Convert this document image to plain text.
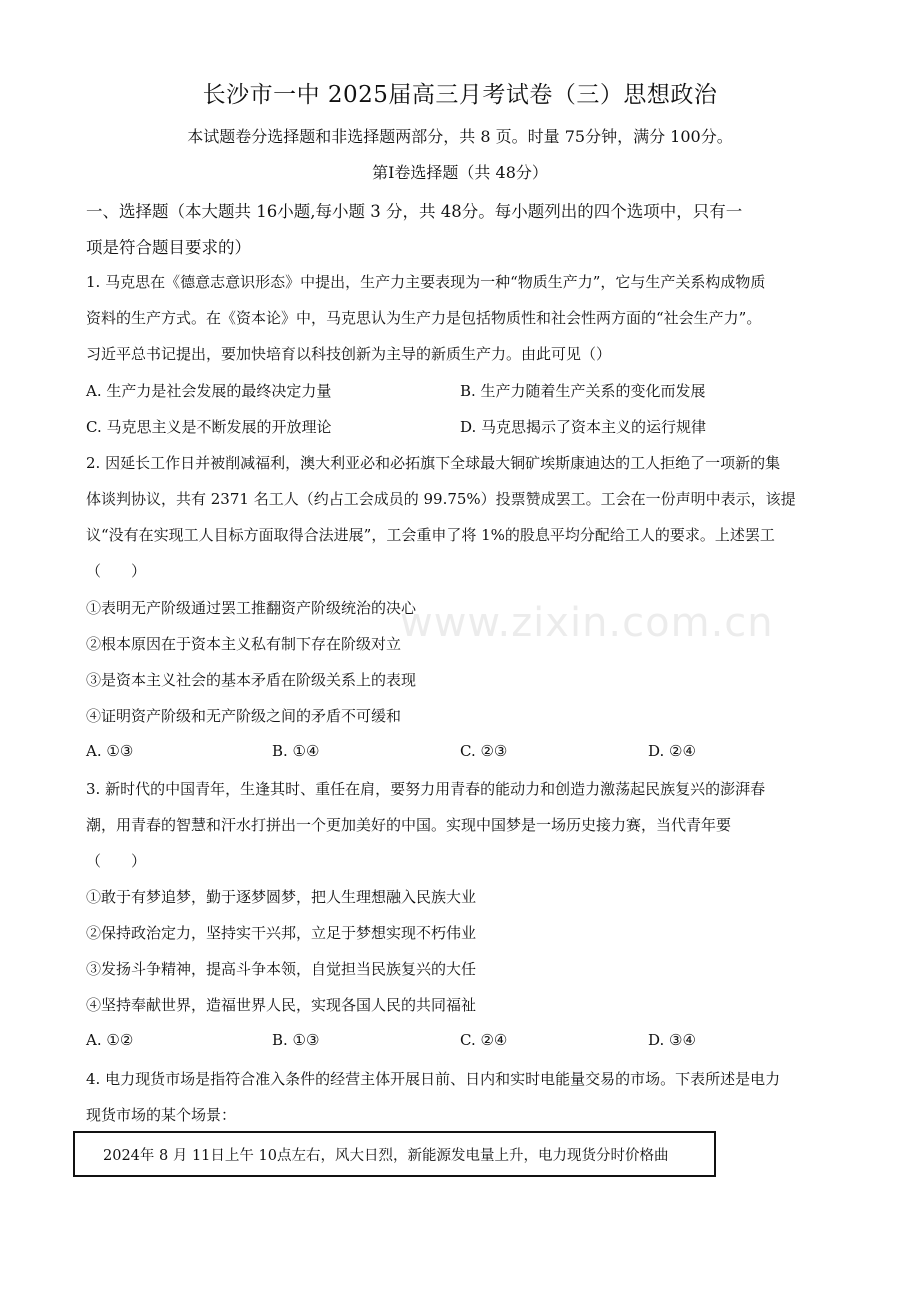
www.zixin.com.cn
长沙市一中 2025届高三月考试卷（三）思想政治
本试题卷分选择题和非选择题两部分，共 8 页。时量 75分钟，满分 100分。
第Ⅰ卷选择题（共 48分）
一、选择题（本大题共 16小题,每小题 3 分，共 48分。每小题列出的四个选项中，只有一
项是符合题目要求的）
1. 马克思在《德意志意识形态》中提出，生产力主要表现为一种“物质生产力”，它与生产关系构成物质
资料的生产方式。在《资本论》中，马克思认为生产力是包括物质性和社会性两方面的“社会生产力”。
习近平总书记提出，要加快培育以科技创新为主导的新质生产力。由此可见（）
A. 生产力是社会发展的最终决定力量	B. 生产力随着生产关系的变化而发展
C. 马克思主义是不断发展的开放理论	D. 马克思揭示了资本主义的运行规律
2. 因延长工作日并被削减福利，澳大利亚必和必拓旗下全球最大铜矿埃斯康迪达的工人拒绝了一项新的集
体谈判协议，共有 2371 名工人（约占工会成员的 99.75%）投票赞成罢工。工会在一份声明中表示，该提
议“没有在实现工人目标方面取得合法进展”，工会重申了将 1%的股息平均分配给工人的要求。上述罢工
（　　）
①表明无产阶级通过罢工推翻资产阶级统治的决心
②根本原因在于资本主义私有制下存在阶级对立
③是资本主义社会的基本矛盾在阶级关系上的表现
④证明资产阶级和无产阶级之间的矛盾不可缓和
A. ①③	B. ①④	C. ②③	D. ②④
3. 新时代的中国青年，生逢其时、重任在肩，要努力用青春的能动力和创造力激荡起民族复兴的澎湃春
潮，用青春的智慧和汗水打拼出一个更加美好的中国。实现中国梦是一场历史接力赛，当代青年要
（　　）
①敢于有梦追梦，勤于逐梦圆梦，把人生理想融入民族大业
②保持政治定力，坚持实干兴邦，立足于梦想实现不朽伟业
③发扬斗争精神，提高斗争本领，自觉担当民族复兴的大任
④坚持奉献世界，造福世界人民，实现各国人民的共同福祉
A. ①②	B. ①③	C. ②④	D. ③④
4. 电力现货市场是指符合准入条件的经营主体开展日前、日内和实时电能量交易的市场。下表所述是电力
现货市场的某个场景：
2024年 8 月 11日上午 10点左右，风大日烈，新能源发电量上升，电力现货分时价格曲
